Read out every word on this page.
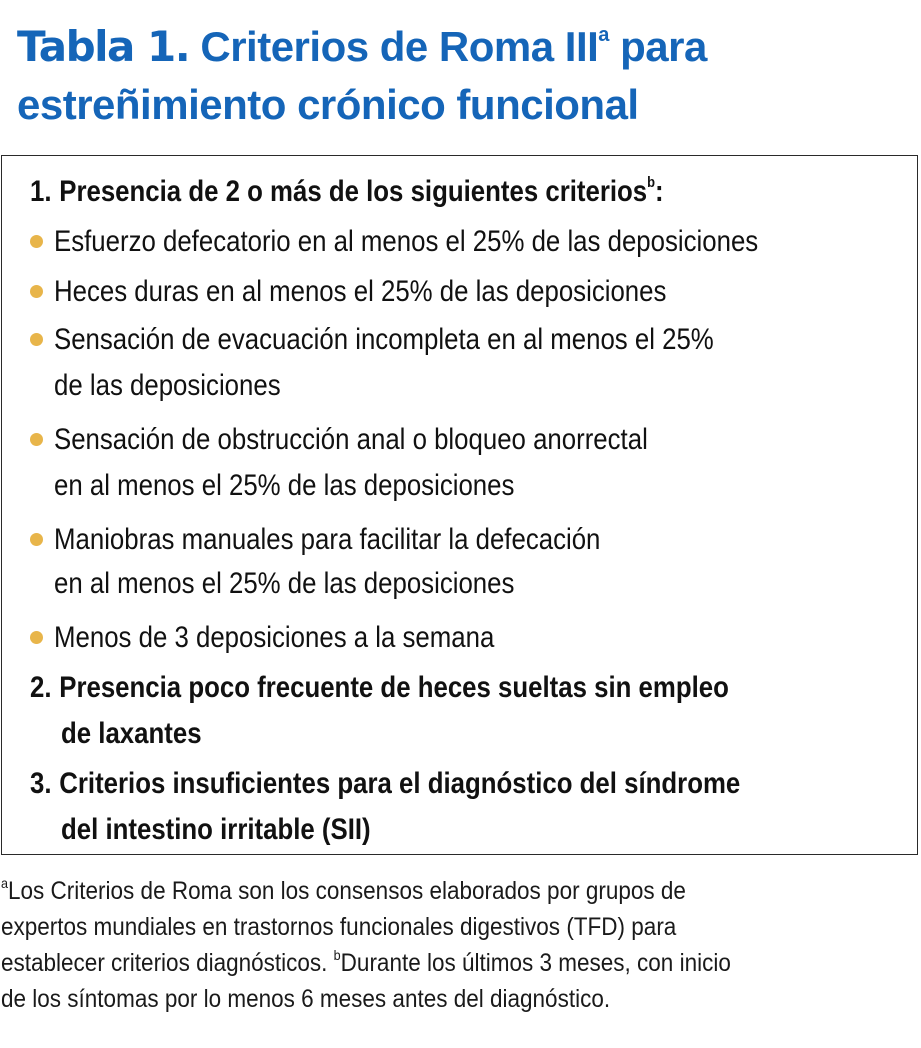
Tabla 1. Criterios de Roma III$^a$ para
estreñimiento crónico funcional
1. Presencia de 2 o más de los siguientes criterios$^b$:
Esfuerzo defecatorio en al menos el 25% de las deposiciones
Heces duras en al menos el 25% de las deposiciones
Sensación de evacuación incompleta en al menos el 25%
de las deposiciones
Sensación de obstrucción anal o bloqueo anorrectal
en al menos el 25% de las deposiciones
Maniobras manuales para facilitar la defecación
en al menos el 25% de las deposiciones
Menos de 3 deposiciones a la semana
2. Presencia poco frecuente de heces sueltas sin empleo
de laxantes
3. Criterios insuficientes para el diagnóstico del síndrome
del intestino irritable (SII)
$^a$Los Criterios de Roma son los consensos elaborados por grupos de
expertos mundiales en trastornos funcionales digestivos (TFD) para
establecer criterios diagnósticos. $^b$Durante los últimos 3 meses, con inicio
de los síntomas por lo menos 6 meses antes del diagnóstico.
